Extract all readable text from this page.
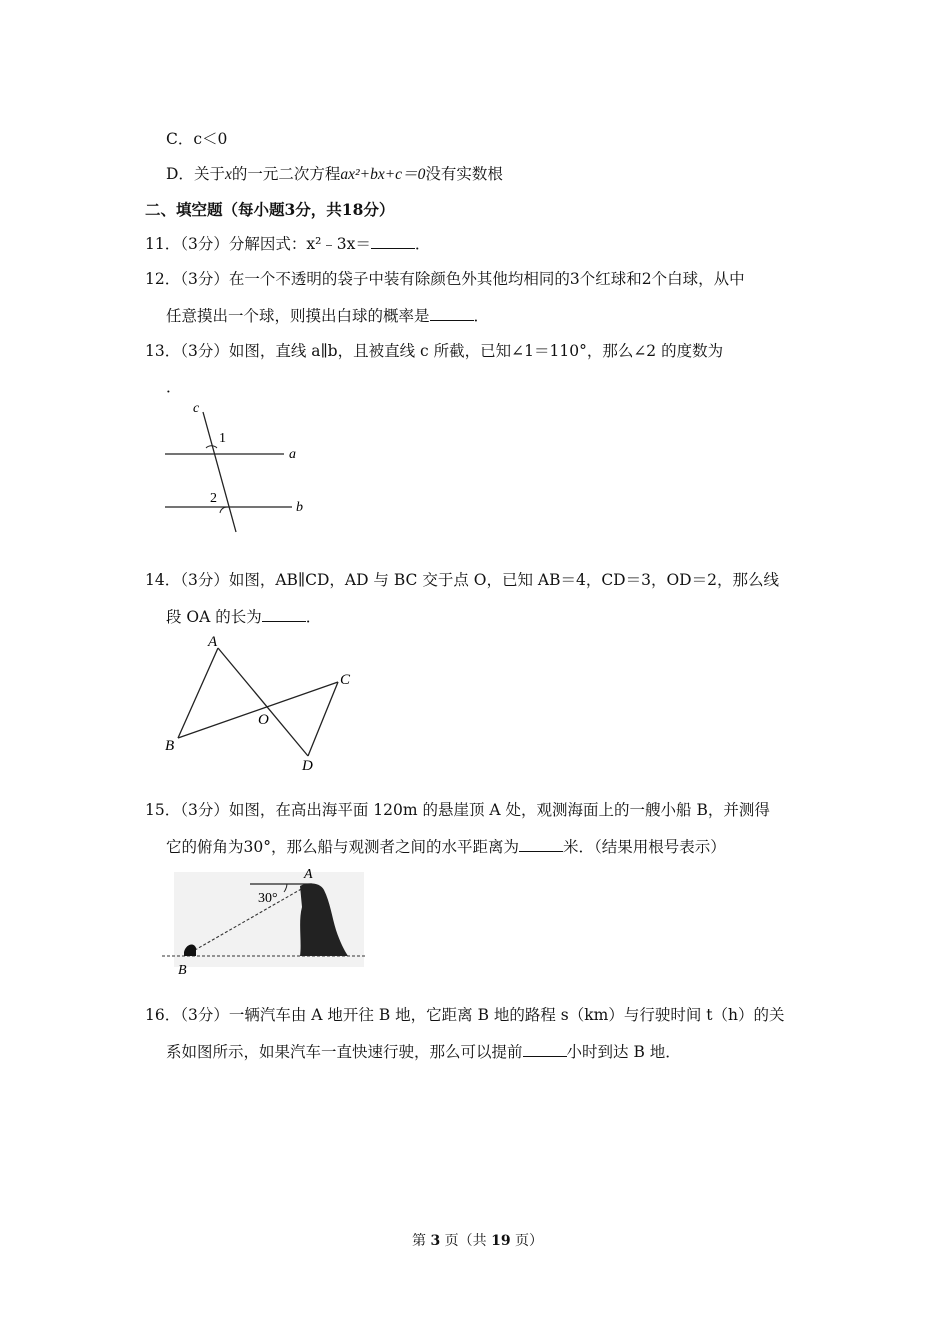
C．c＜0
D．关于x的一元二次方程ax²+bx+c＝0没有实数根
二、填空题（每小题3分，共18分）
11．（3分）分解因式：x²﹣3x＝	．
12．（3分）在一个不透明的袋子中装有除颜色外其他均相同的3个红球和2个白球，从中
任意摸出一个球，则摸出白球的概率是	．
13．（3分）如图，直线 a∥b，且被直线 c 所截，已知∠1＝110°，那么∠2 的度数为
．
c
1
2
a
b
14．（3分）如图，AB∥CD，AD 与 BC 交于点 O，已知 AB＝4，CD＝3，OD＝2，那么线
段 OA 的长为	．
A
B
C
D
O
15．（3分）如图，在高出海平面 120m 的悬崖顶 A 处，观测海面上的一艘小船 B，并测得
它的俯角为30°，那么船与观测者之间的水平距离为	米．（结果用根号表示）
30°
A
B
16．（3分）一辆汽车由 A 地开往 B 地，它距离 B 地的路程 s（km）与行驶时间 t（h）的关
系如图所示，如果汽车一直快速行驶，那么可以提前	小时到达 B 地．
第 3 页（共 19 页）
